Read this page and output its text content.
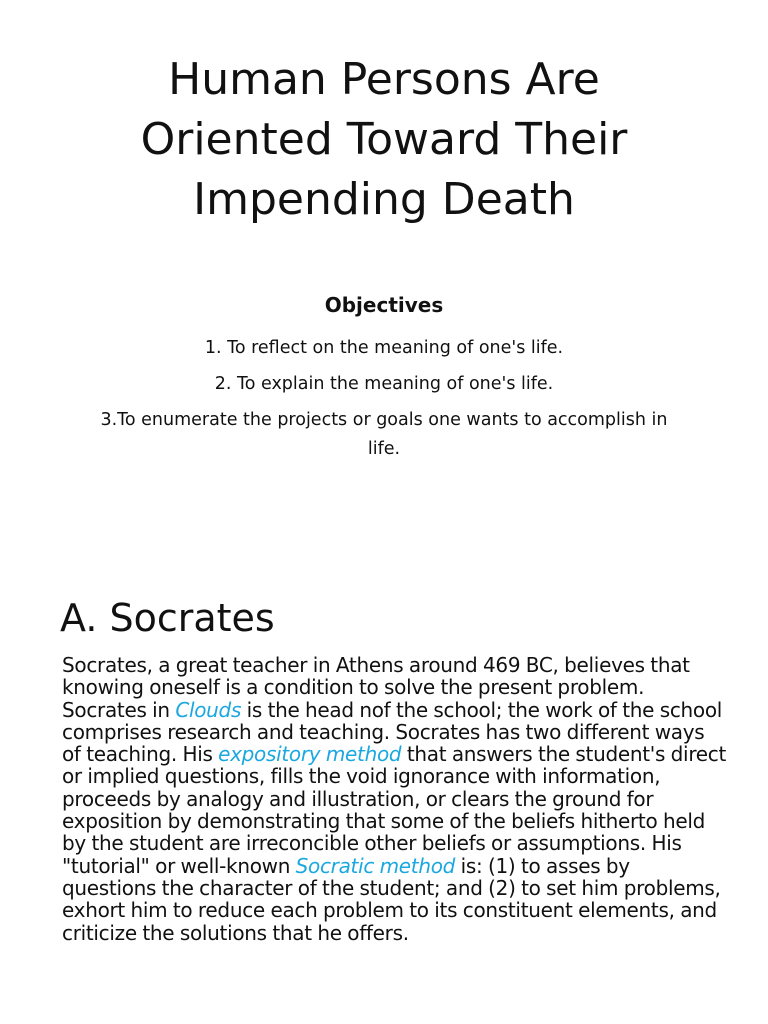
Human Persons Are
Oriented Toward Their
Impending Death
Objectives
1. To reflect on the meaning of one's life.
2. To explain the meaning of one's life.
3.To enumerate the projects or goals one wants to accomplish in life.
A. Socrates

Socrates, a great teacher in Athens around 469 BC, believes that knowing oneself is a condition to solve the present problem. Socrates in Clouds is the head nof the school; the work of the school comprises research and teaching. Socrates has two different ways of teaching. His expository method that answers the student's direct or implied questions, fills the void ignorance with information, proceeds by analogy and illustration, or clears the ground for exposition by demonstrating that some of the beliefs hitherto held by the student are irreconcible other beliefs or assumptions. His "tutorial" or well-known Socratic method is: (1) to asses by questions the character of the student; and (2) to set him problems, exhort him to reduce each problem to its constituent elements, and criticize the solutions that he offers.
